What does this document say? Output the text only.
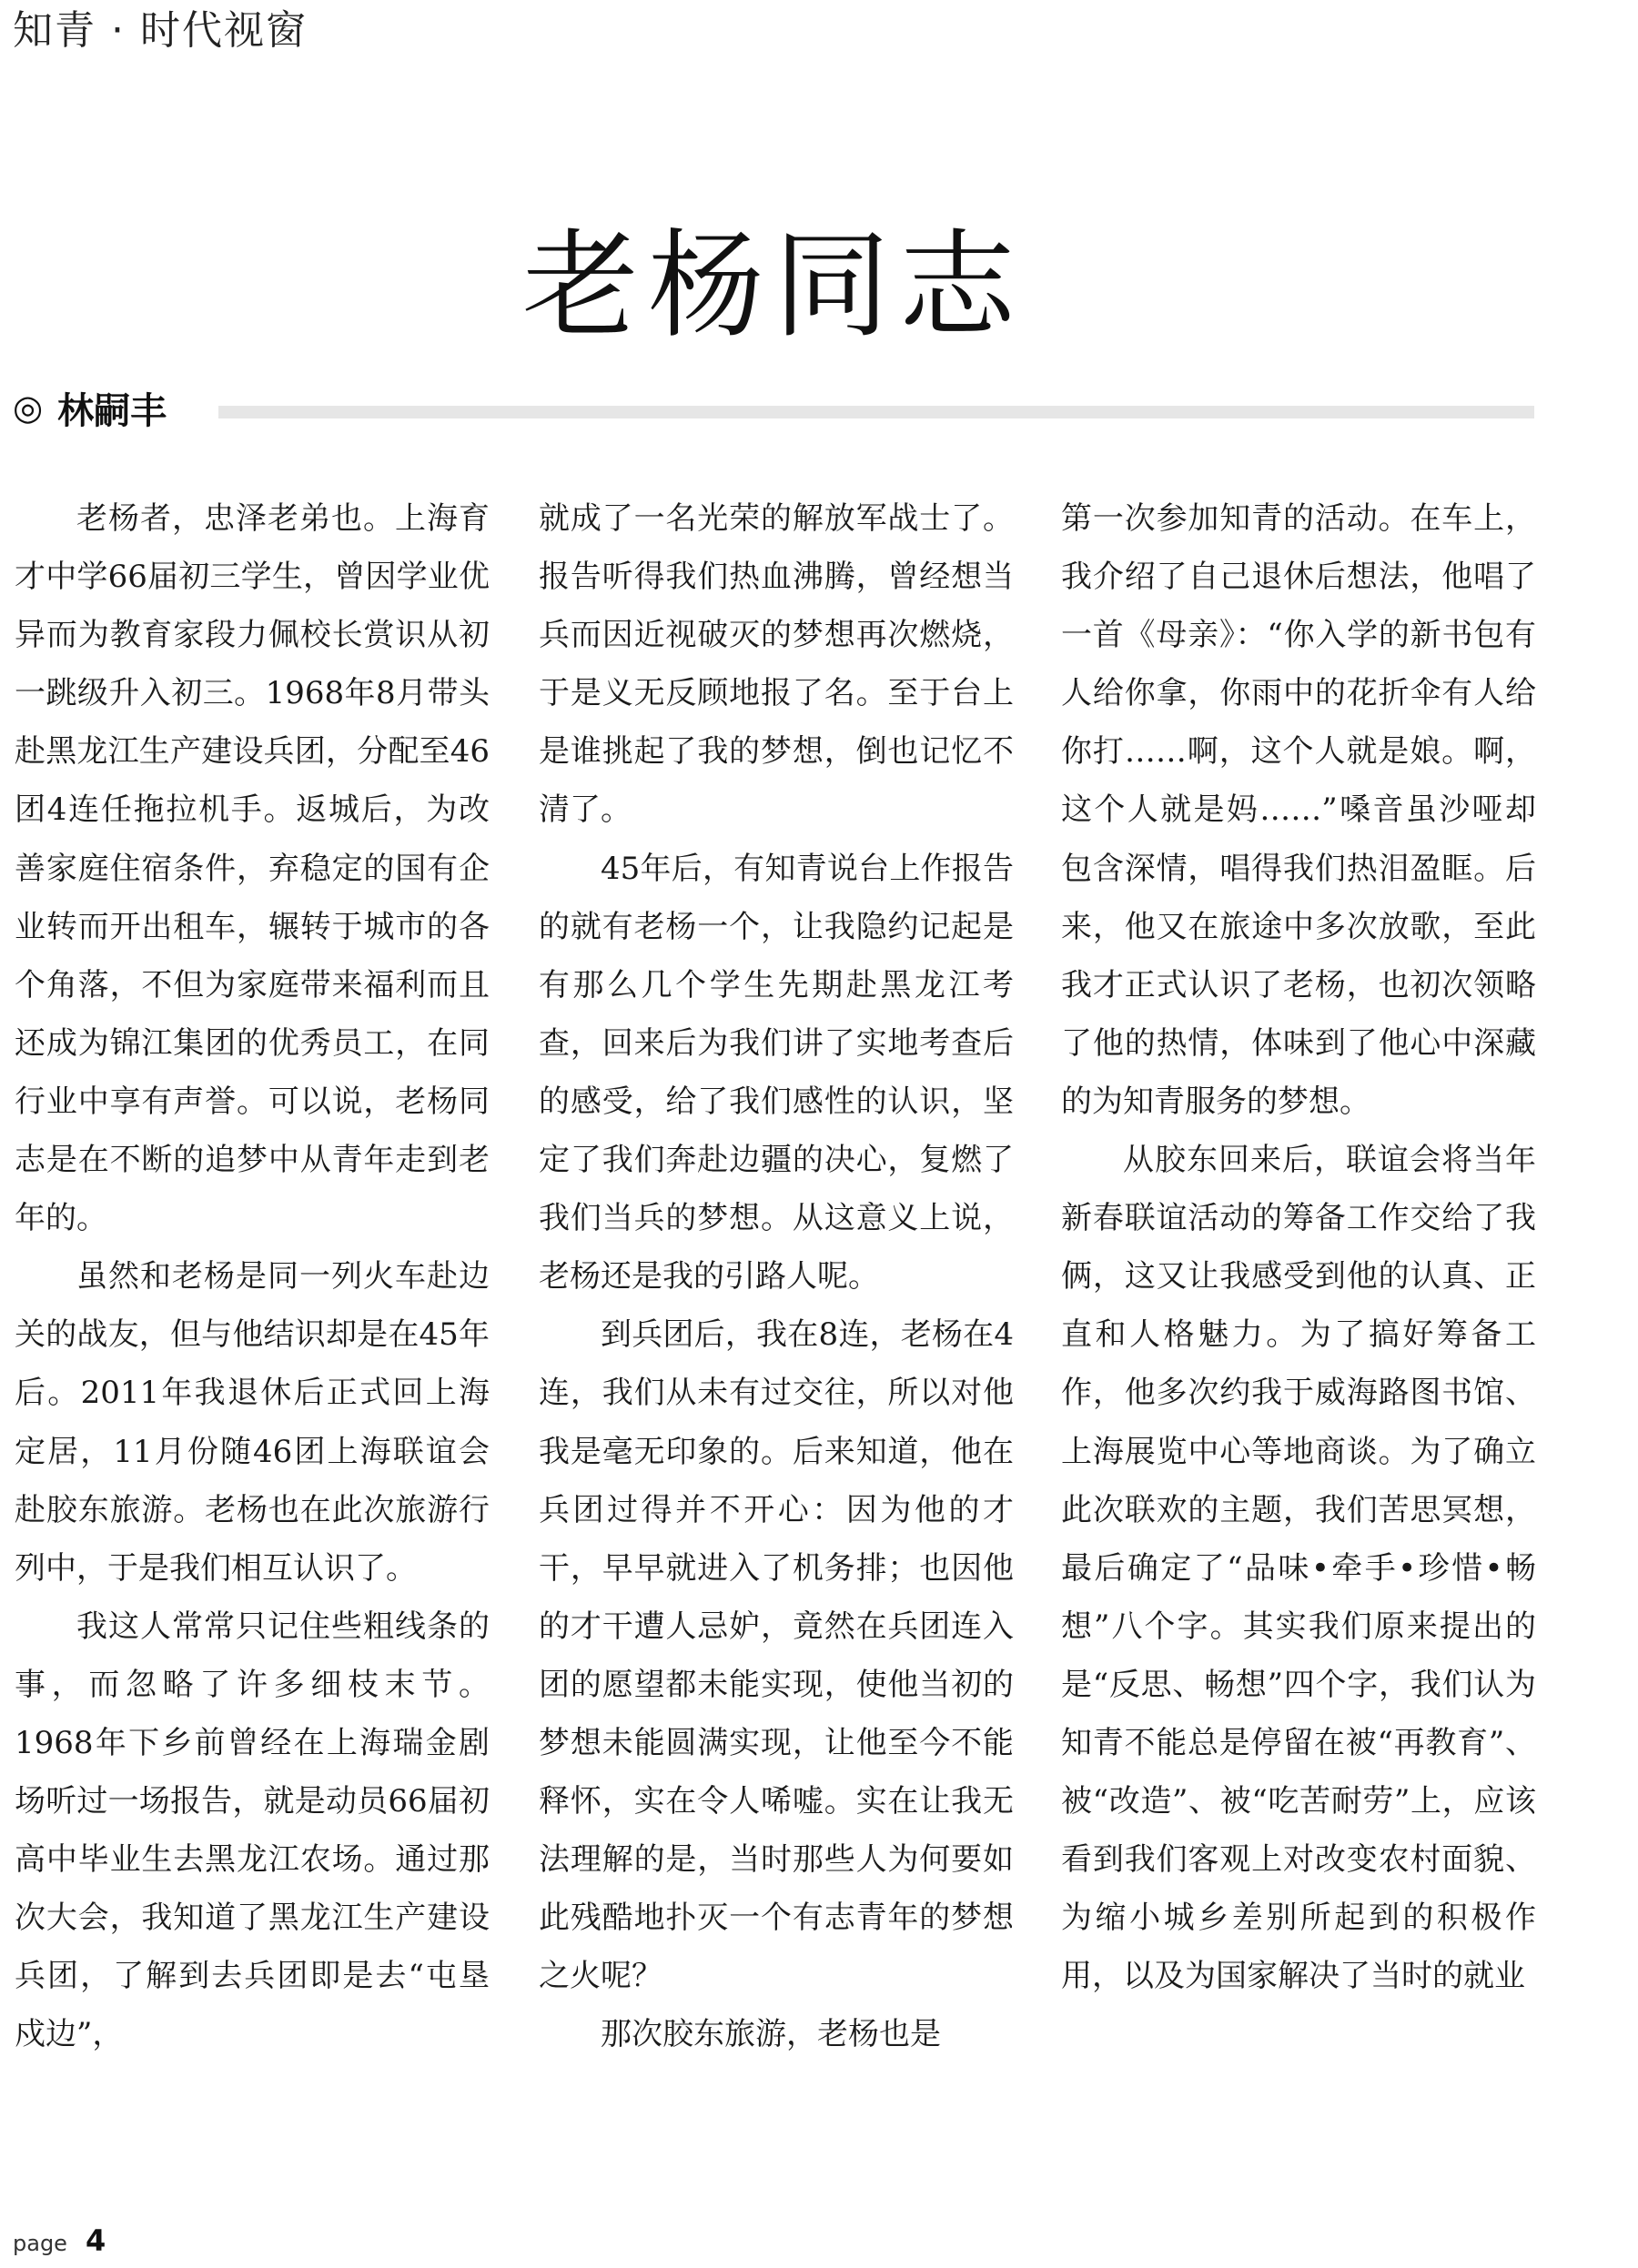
知青 · 时代视窗
老杨同志
◎ 林嗣丰

老杨者，忠泽老弟也。上海育才中学66届初三学生，曾因学业优异而为教育家段力佩校长赏识从初一跳级升入初三。1968年8月带头赴黑龙江生产建设兵团，分配至46团4连任拖拉机手。返城后，为改善家庭住宿条件，弃稳定的国有企业转而开出租车，辗转于城市的各个角落，不但为家庭带来福利而且还成为锦江集团的优秀员工，在同行业中享有声誉。可以说，老杨同志是在不断的追梦中从青年走到老年的。

虽然和老杨是同一列火车赴边关的战友，但与他结识却是在45年后。2011年我退休后正式回上海定居，11月份随46团上海联谊会赴胶东旅游。老杨也在此次旅游行列中，于是我们相互认识了。

我这人常常只记住些粗线条的事，而忽略了许多细枝末节。1968年下乡前曾经在上海瑞金剧场听过一场报告，就是动员66届初高中毕业生去黑龙江农场。通过那次大会，我知道了黑龙江生产建设兵团，了解到去兵团即是去“屯垦戍边”，

就成了一名光荣的解放军战士了。报告听得我们热血沸腾，曾经想当兵而因近视破灭的梦想再次燃烧，于是义无反顾地报了名。至于台上是谁挑起了我的梦想，倒也记忆不清了。

45年后，有知青说台上作报告的就有老杨一个，让我隐约记起是有那么几个学生先期赴黑龙江考查，回来后为我们讲了实地考查后的感受，给了我们感性的认识，坚定了我们奔赴边疆的决心，复燃了我们当兵的梦想。从这意义上说，老杨还是我的引路人呢。

到兵团后，我在8连，老杨在4连，我们从未有过交往，所以对他我是毫无印象的。后来知道，他在兵团过得并不开心：因为他的才干，早早就进入了机务排；也因他的才干遭人忌妒，竟然在兵团连入团的愿望都未能实现，使他当初的梦想未能圆满实现，让他至今不能释怀，实在令人唏嘘。实在让我无法理解的是，当时那些人为何要如此残酷地扑灭一个有志青年的梦想之火呢？

那次胶东旅游，老杨也是

第一次参加知青的活动。在车上，我介绍了自己退休后想法，他唱了一首《母亲》：“你入学的新书包有人给你拿，你雨中的花折伞有人给你打……啊，这个人就是娘。啊，这个人就是妈……”嗓音虽沙哑却包含深情，唱得我们热泪盈眶。后来，他又在旅途中多次放歌，至此我才正式认识了老杨，也初次领略了他的热情，体味到了他心中深藏的为知青服务的梦想。

从胶东回来后，联谊会将当年新春联谊活动的筹备工作交给了我俩，这又让我感受到他的认真、正直和人格魅力。为了搞好筹备工作，他多次约我于威海路图书馆、上海展览中心等地商谈。为了确立此次联欢的主题，我们苦思冥想，最后确定了“品味•牵手•珍惜•畅想”八个字。其实我们原来提出的是“反思、畅想”四个字，我们认为知青不能总是停留在被“再教育”、被“改造”、被“吃苦耐劳”上，应该看到我们客观上对改变农村面貌、为缩小城乡差别所起到的积极作用，以及为国家解决了当时的就业

page 4
